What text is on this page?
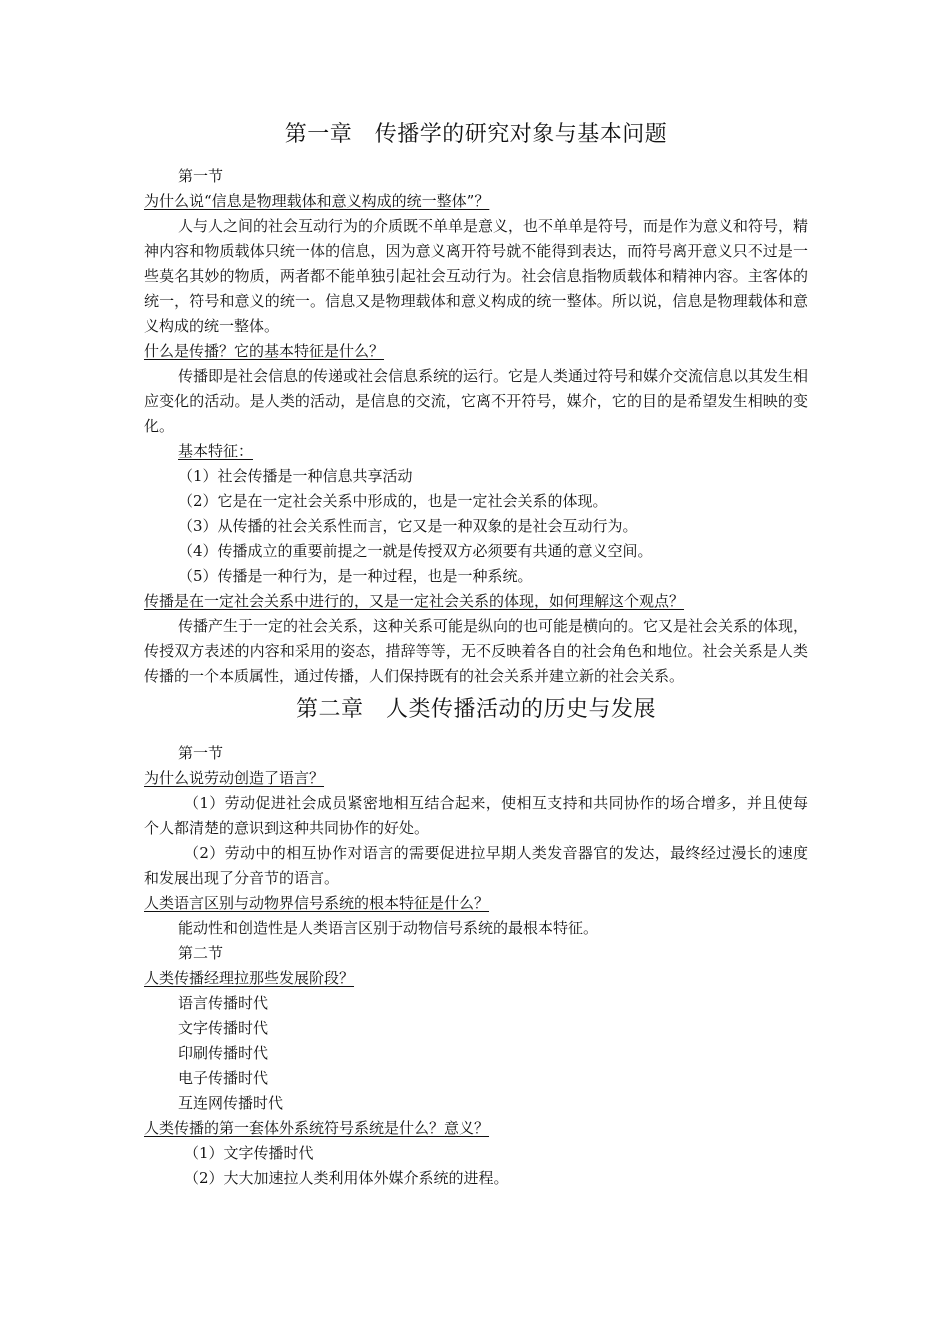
第一章　传播学的研究对象与基本问题

第一节

为什么说“信息是物理载体和意义构成的统一整体”？

人与人之间的社会互动行为的介质既不单单是意义，也不单单是符号，而是作为意义和符号，精神内容和物质载体只统一体的信息，因为意义离开符号就不能得到表达，而符号离开意义只不过是一些莫名其妙的物质，两者都不能单独引起社会互动行为。社会信息指物质载体和精神内容。主客体的统一，符号和意义的统一。信息又是物理载体和意义构成的统一整体。所以说，信息是物理载体和意义构成的统一整体。

什么是传播？它的基本特征是什么？

传播即是社会信息的传递或社会信息系统的运行。它是人类通过符号和媒介交流信息以其发生相应变化的活动。是人类的活动，是信息的交流，它离不开符号，媒介，它的目的是希望发生相映的变化。

基本特征：

（1）社会传播是一种信息共享活动

（2）它是在一定社会关系中形成的，也是一定社会关系的体现。

（3）从传播的社会关系性而言，它又是一种双象的是社会互动行为。

（4）传播成立的重要前提之一就是传授双方必须要有共通的意义空间。

（5）传播是一种行为，是一种过程，也是一种系统。

传播是在一定社会关系中进行的，又是一定社会关系的体现，如何理解这个观点？

传播产生于一定的社会关系，这种关系可能是纵向的也可能是横向的。它又是社会关系的体现，传授双方表述的内容和采用的姿态，措辞等等，无不反映着各自的社会角色和地位。社会关系是人类传播的一个本质属性，通过传播，人们保持既有的社会关系并建立新的社会关系。

第二章　人类传播活动的历史与发展

第一节

为什么说劳动创造了语言？

（1）劳动促进社会成员紧密地相互结合起来，使相互支持和共同协作的场合增多，并且使每个人都清楚的意识到这种共同协作的好处。

（2）劳动中的相互协作对语言的需要促进拉早期人类发音器官的发达，最终经过漫长的速度和发展出现了分音节的语言。

人类语言区别与动物界信号系统的根本特征是什么？

能动性和创造性是人类语言区别于动物信号系统的最根本特征。

第二节

人类传播经理拉那些发展阶段？

语言传播时代

文字传播时代

印刷传播时代

电子传播时代

互连网传播时代

人类传播的第一套体外系统符号系统是什么？意义？

（1）文字传播时代

（2）大大加速拉人类利用体外媒介系统的进程。
